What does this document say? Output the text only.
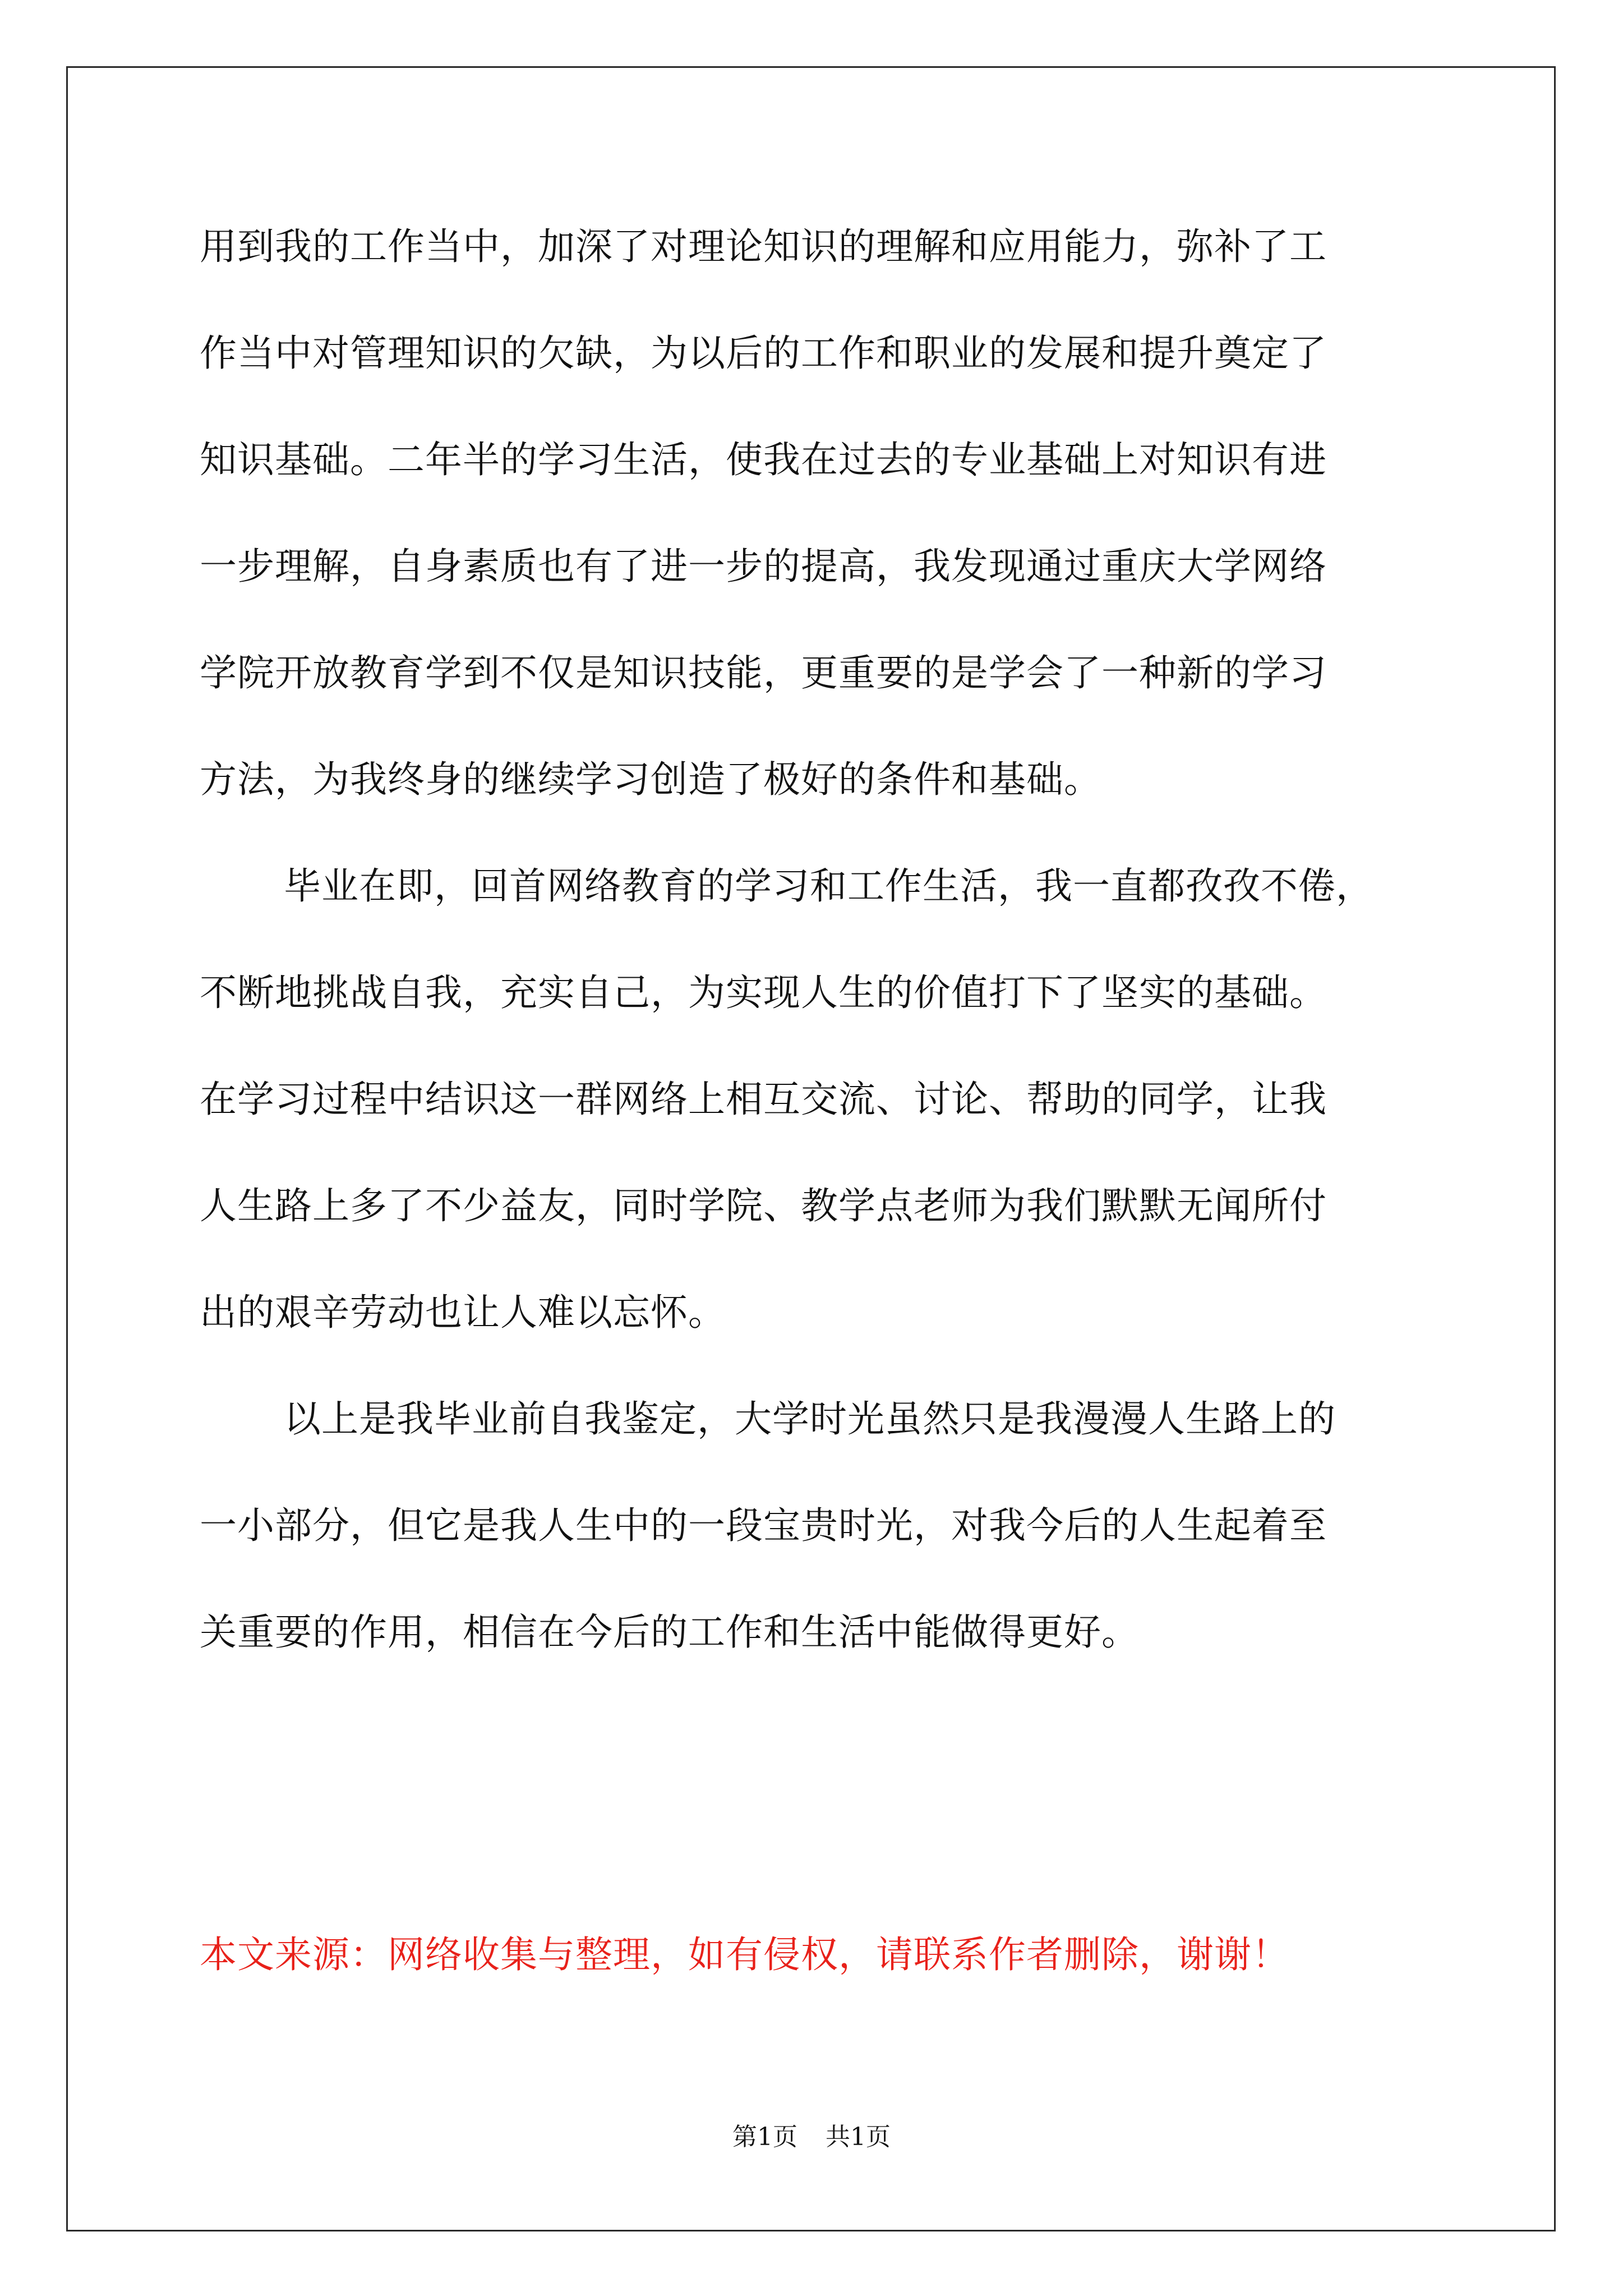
用到我的工作当中，加深了对理论知识的理解和应用能力，弥补了工
作当中对管理知识的欠缺，为以后的工作和职业的发展和提升奠定了
知识基础。二年半的学习生活，使我在过去的专业基础上对知识有进
一步理解，自身素质也有了进一步的提高，我发现通过重庆大学网络
学院开放教育学到不仅是知识技能，更重要的是学会了一种新的学习
方法，为我终身的继续学习创造了极好的条件和基础。
毕业在即，回首网络教育的学习和工作生活，我一直都孜孜不倦，
不断地挑战自我，充实自己，为实现人生的价值打下了坚实的基础。
在学习过程中结识这一群网络上相互交流、讨论、帮助的同学，让我
人生路上多了不少益友，同时学院、教学点老师为我们默默无闻所付
出的艰辛劳动也让人难以忘怀。
以上是我毕业前自我鉴定，大学时光虽然只是我漫漫人生路上的
一小部分，但它是我人生中的一段宝贵时光，对我今后的人生起着至
关重要的作用，相信在今后的工作和生活中能做得更好。
本文来源：网络收集与整理，如有侵权，请联系作者删除，谢谢！
第1页 共1页
